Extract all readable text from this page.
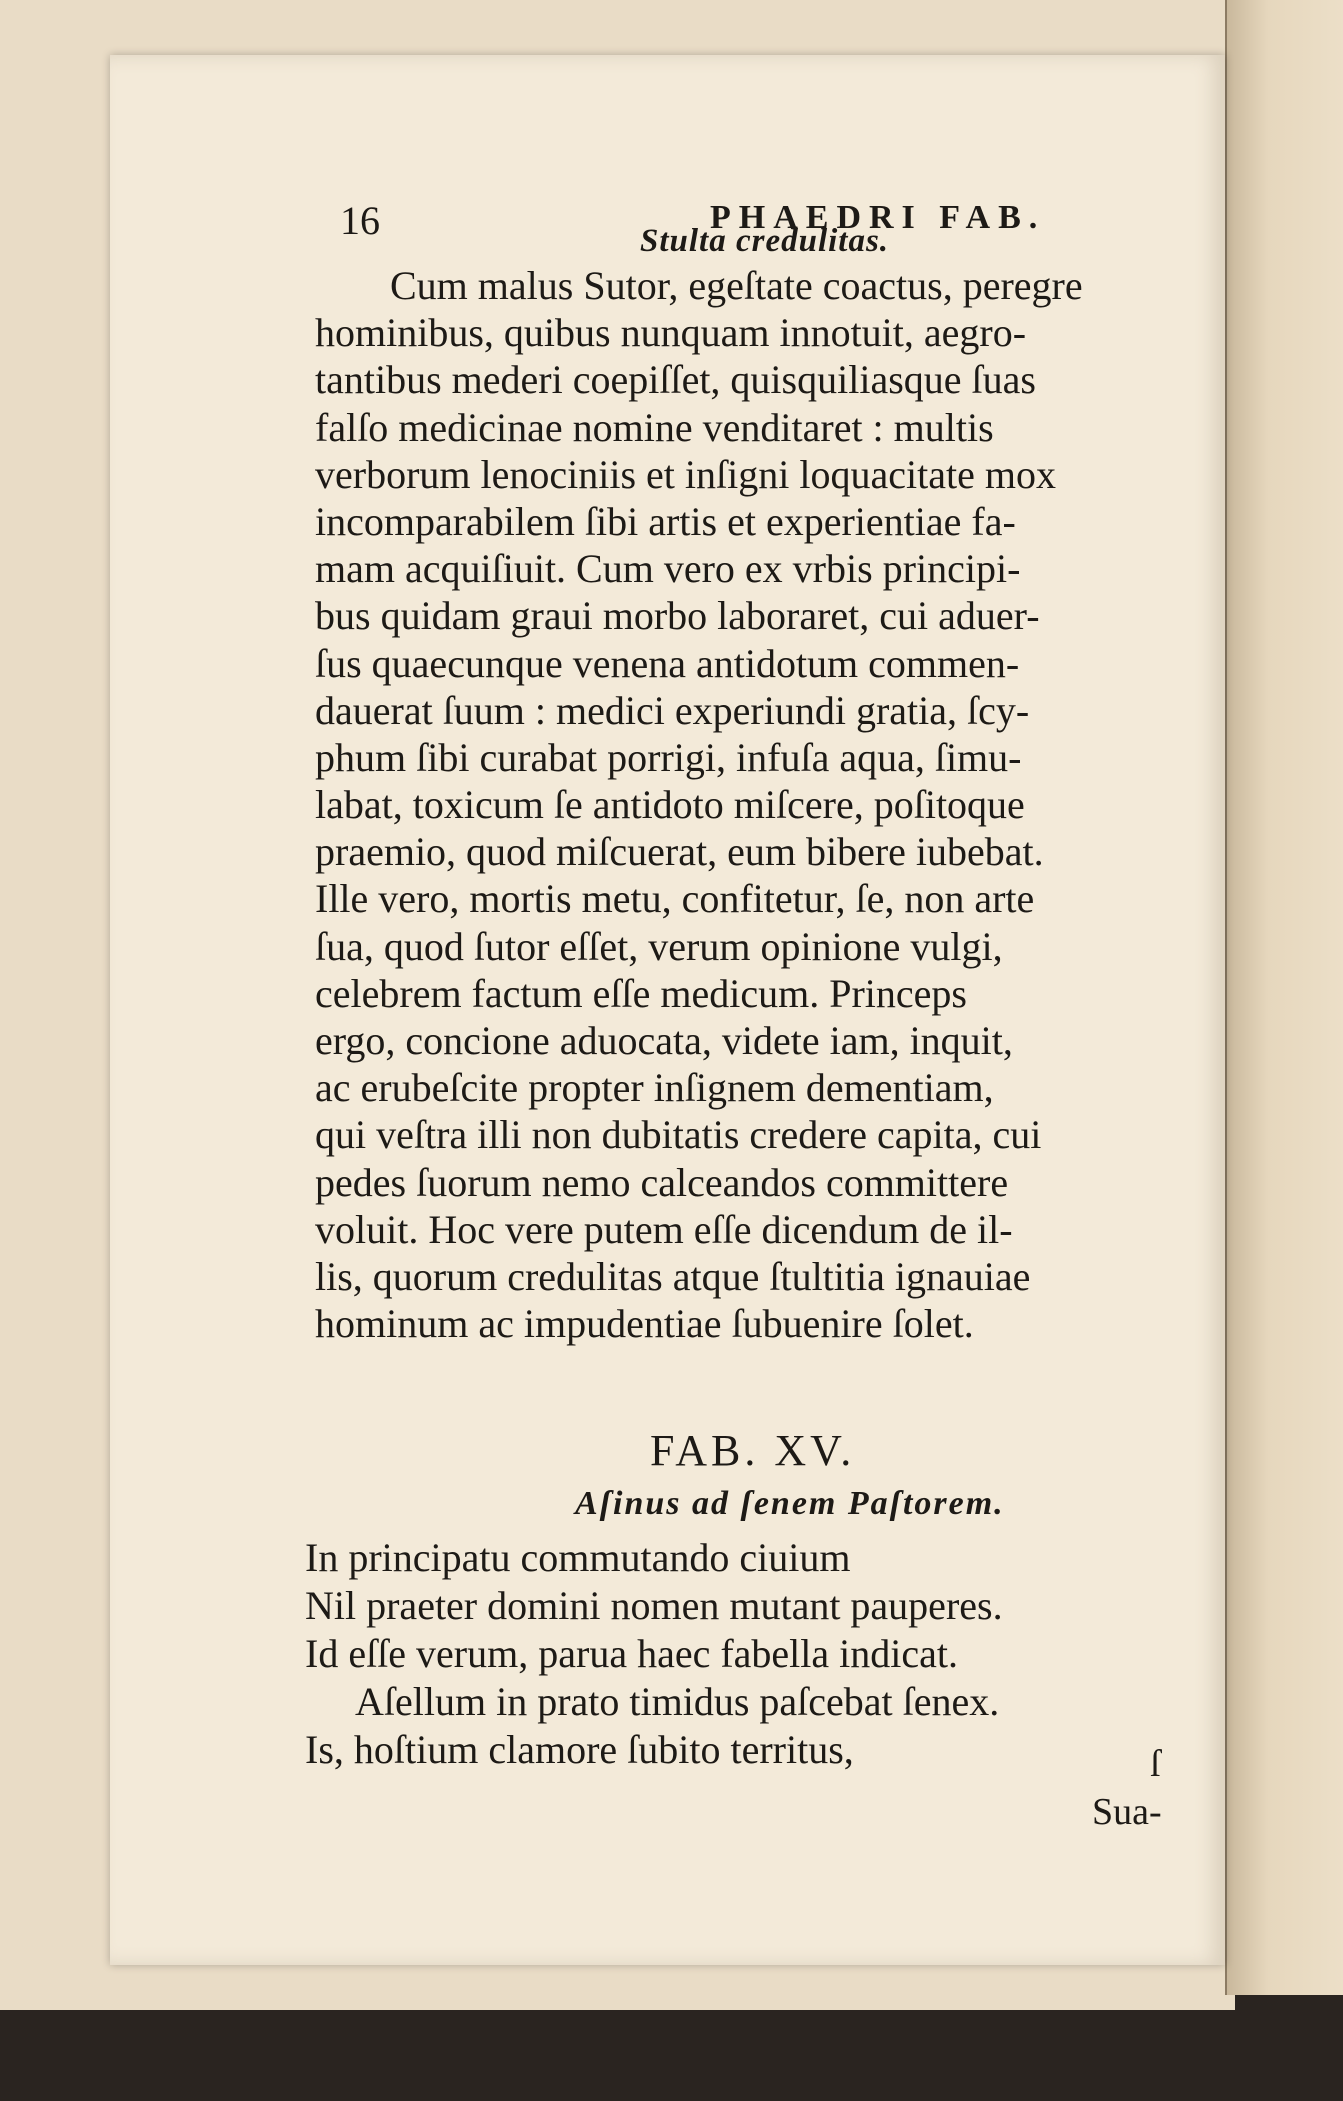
16	PHAEDRI FAB.
Stulta credulitas.
Cum malus Sutor, egeſtate coactus, peregre
hominibus, quibus nunquam innotuit, aegro-
tantibus mederi coepiſſet, quisquiliasque ſuas
falſo medicinae nomine venditaret : multis
verborum lenociniis et inſigni loquacitate mox
incomparabilem ſibi artis et experientiae fa-
mam acquiſiuit. Cum vero ex vrbis principi-
bus quidam graui morbo laboraret, cui aduer-
ſus quaecunque venena antidotum commen-
dauerat ſuum : medici experiundi gratia, ſcy-
phum ſibi curabat porrigi, infuſa aqua, ſimu-
labat, toxicum ſe antidoto miſcere, poſitoque
praemio, quod miſcuerat, eum bibere iubebat.
Ille vero, mortis metu, confitetur, ſe, non arte
ſua, quod ſutor eſſet, verum opinione vulgi,
celebrem factum eſſe medicum. Princeps
ergo, concione aduocata, videte iam, inquit,
ac erubeſcite propter inſignem dementiam,
qui veſtra illi non dubitatis credere capita, cui
pedes ſuorum nemo calceandos committere
voluit. Hoc vere putem eſſe dicendum de il-
lis, quorum credulitas atque ſtultitia ignauiae
hominum ac impudentiae ſubuenire ſolet.
FAB. XV.
Aſinus ad ſenem Paſtorem.
In principatu commutando ciuium
Nil praeter domini nomen mutant pauperes.
Id eſſe verum, parua haec fabella indicat.
Aſellum in prato timidus paſcebat ſenex.
Is, hoſtium clamore ſubito territus,	ſ
Sua-
